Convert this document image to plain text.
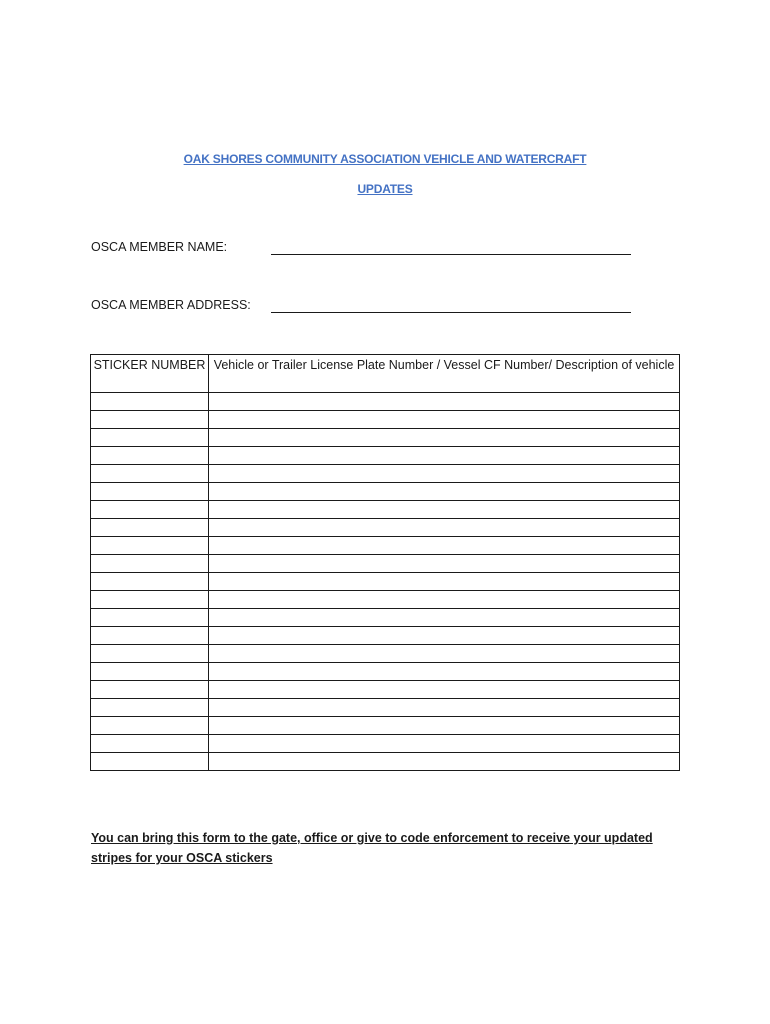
OAK SHORES COMMUNITY ASSOCIATION VEHICLE AND WATERCRAFT
UPDATES
OSCA MEMBER NAME:
OSCA MEMBER ADDRESS:
STICKER NUMBER	Vehicle or Trailer License Plate Number / Vessel CF Number/ Description of vehicle

You can bring this form to the gate, office or give to code enforcement to receive your updated stripes for your OSCA stickers
